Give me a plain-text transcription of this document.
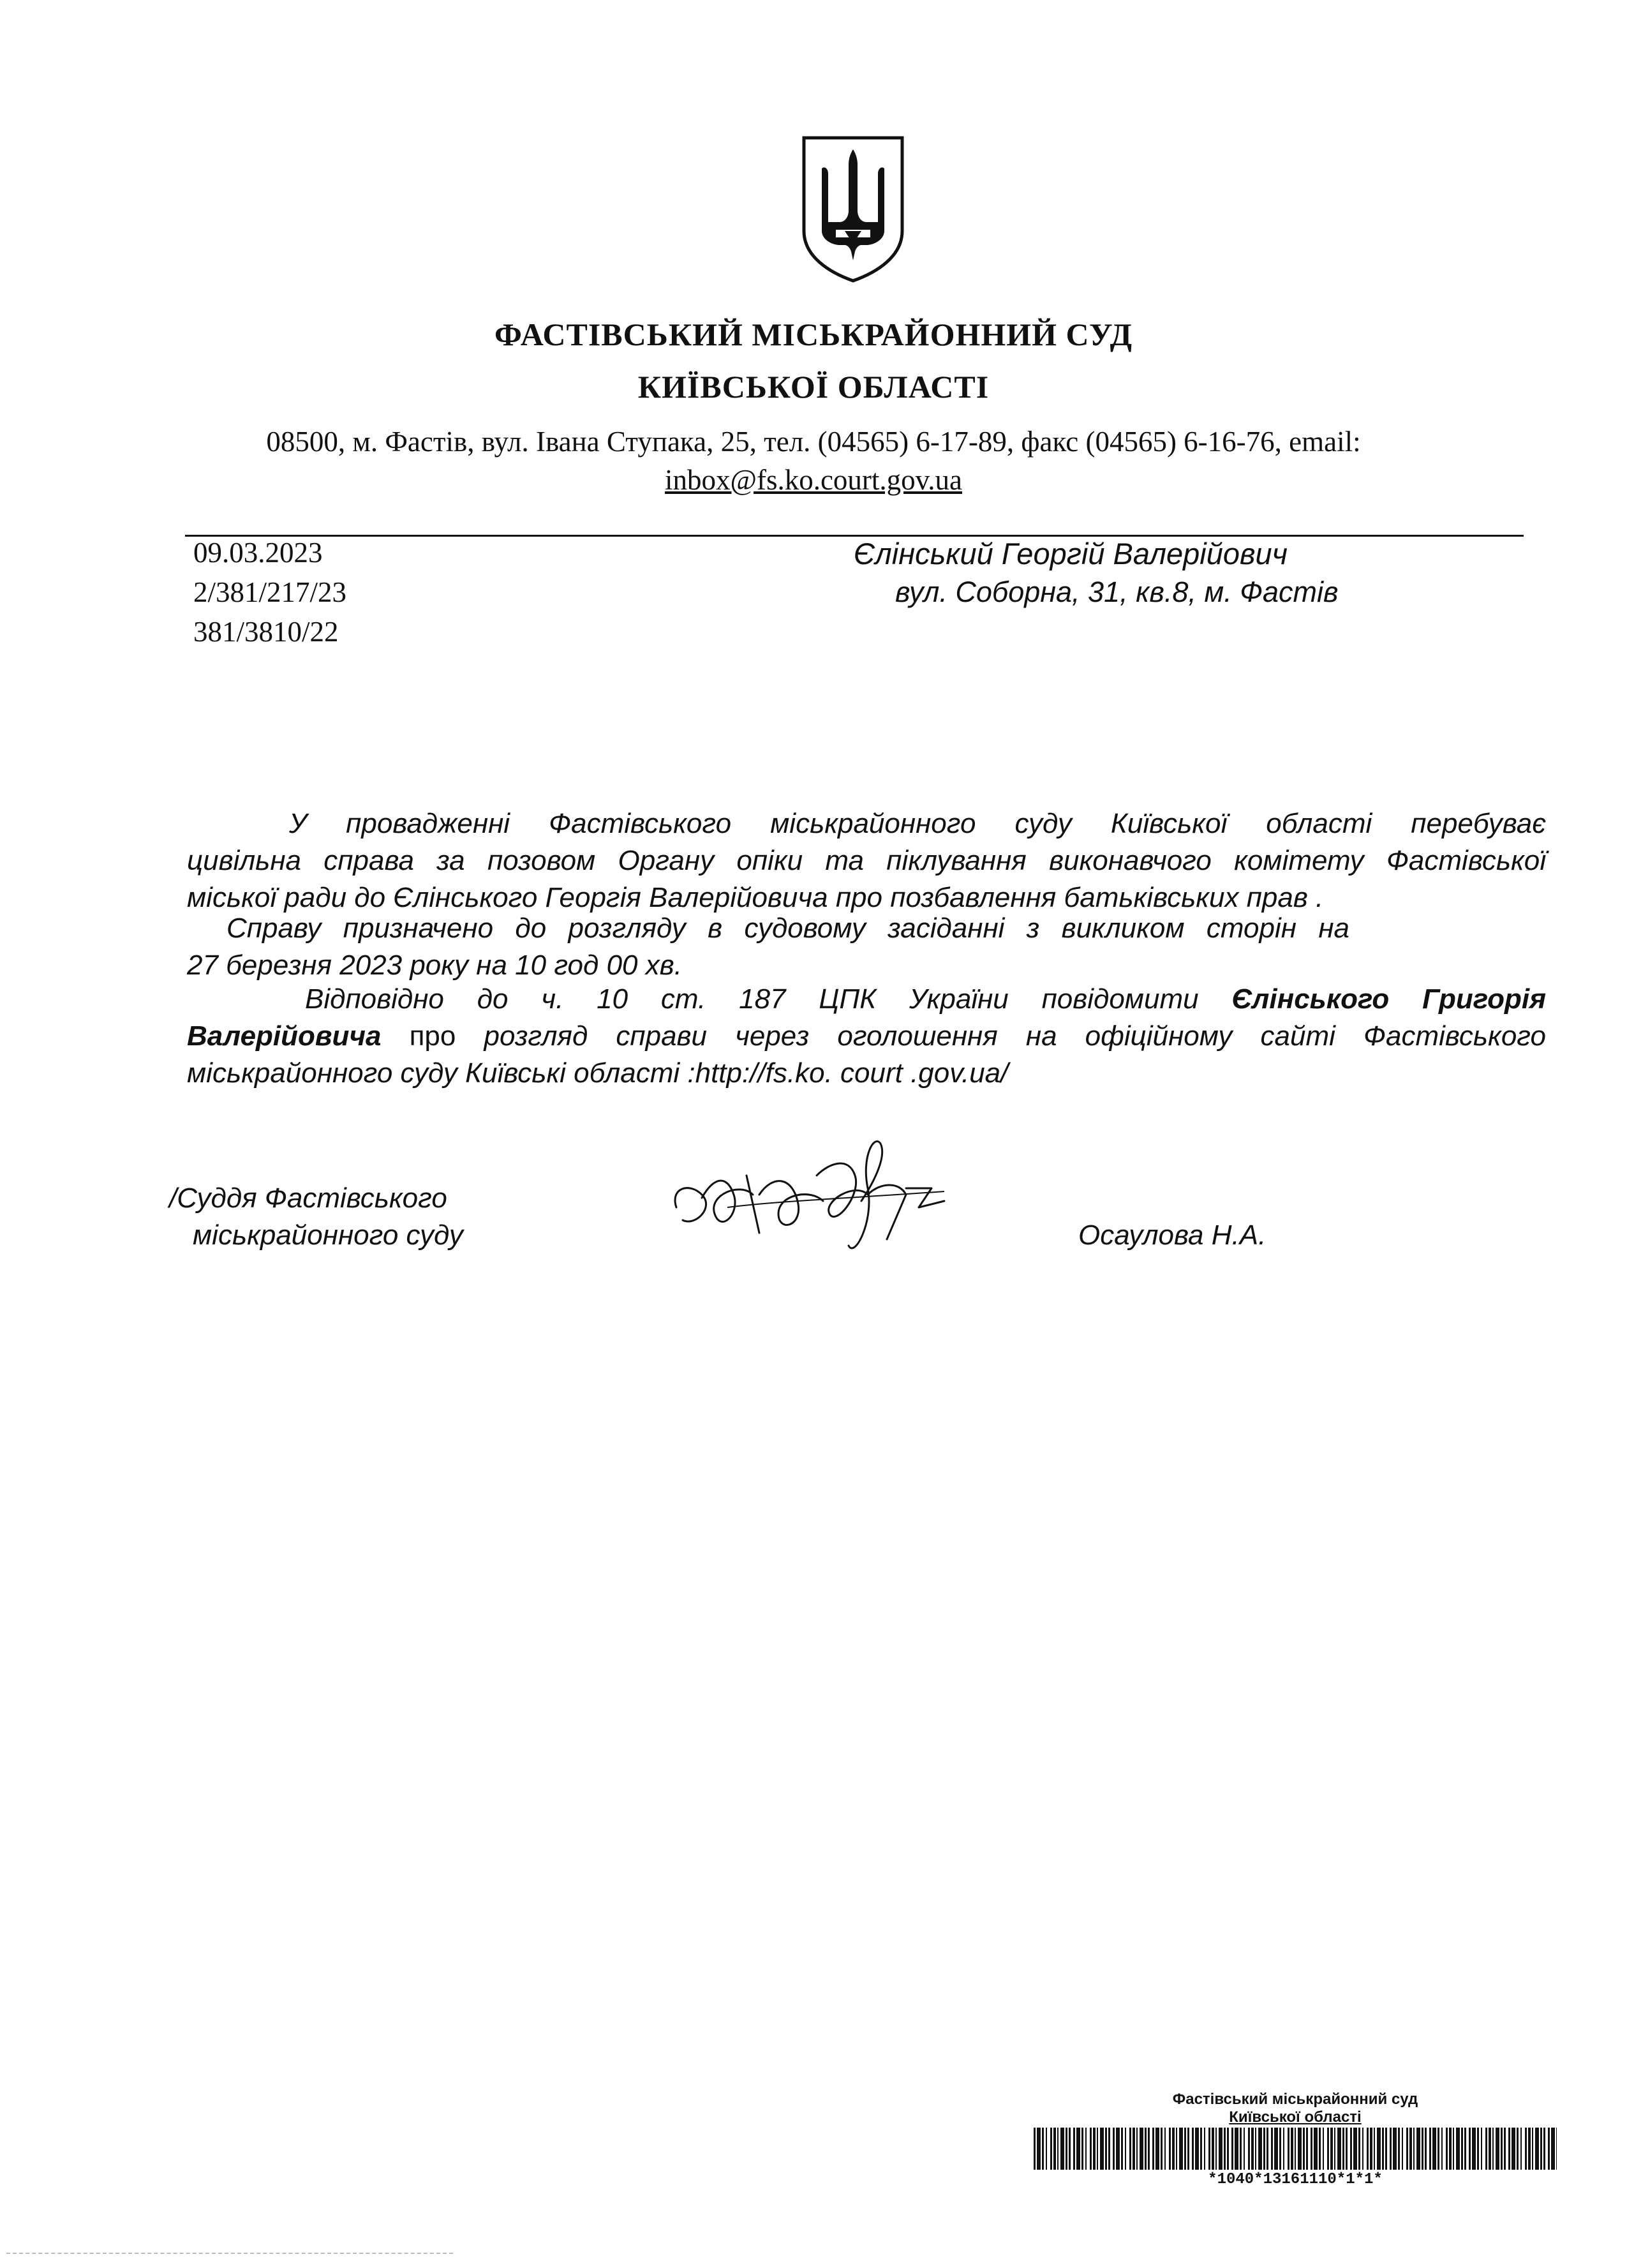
ФАСТІВСЬКИЙ МІСЬКРАЙОННИЙ СУД
КИЇВСЬКОЇ ОБЛАСТІ
08500, м. Фастів, вул. Івана Ступака, 25, тел. (04565) 6-17-89, факс (04565) 6-16-76, email:
inbox@fs.ko.court.gov.ua
09.03.2023
2/381/217/23
381/3810/22
Єлінський Георгій Валерійович
вул. Соборна, 31, кв.8, м. Фастів
У провадженні Фастівського міськрайонного суду Київської області перебуває
цивільна справа за позовом Органу опіки та піклування виконавчого комітету Фастівської
міської ради до Єлінського Георгія Валерійовича про позбавлення батьківських прав .
Справу призначено до розгляду в судовому засіданні з викликом сторін на
27 березня 2023 року на 10 год 00 хв.
Відповідно до ч. 10 ст. 187 ЦПК України повідомити Єлінського Григорія
Валерійовича про розгляд справи через оголошення на офіційному сайті Фастівського
міськрайонного суду Київські області :http://fs.ko. court .gov.ua/
/Суддя Фастівського
міськрайонного суду	Осаулова Н.А.
Фастівський міськрайонний суд
Київської області
*1040*13161110*1*1*
